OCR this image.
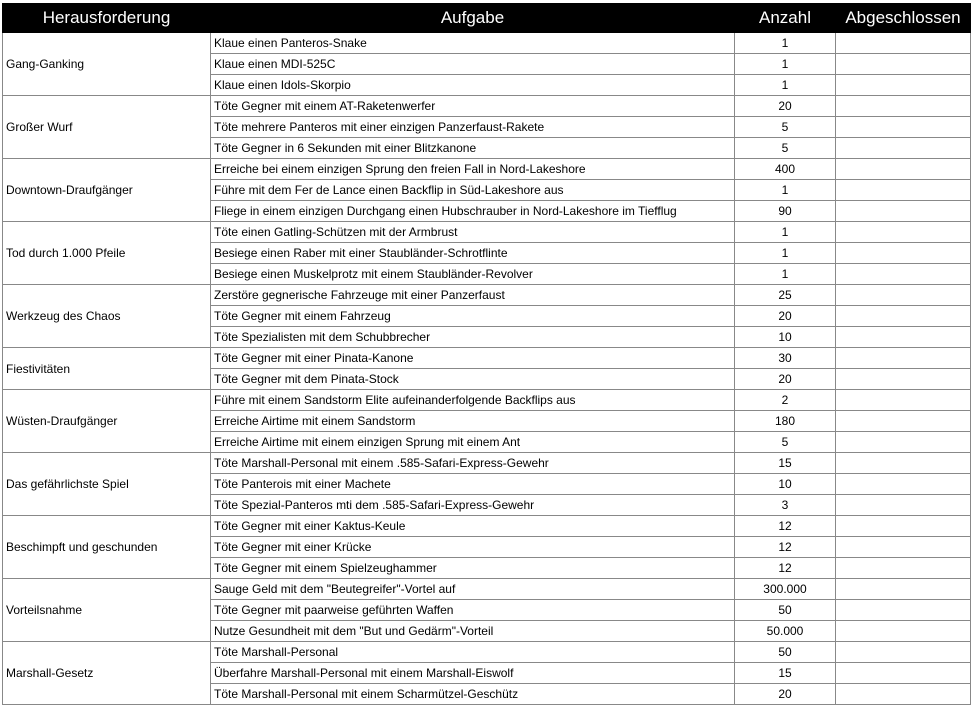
Herausforderung	Aufgabe	Anzahl	Abgeschlossen
Gang-Ganking	Klaue einen Panteros-Snake	1	
	Klaue einen MDI-525C	1	
	Klaue einen Idols-Skorpio	1	
Großer Wurf	Töte Gegner mit einem AT-Raketenwerfer	20	
	Töte mehrere Panteros mit einer einzigen Panzerfaust-Rakete	5	
	Töte Gegner in 6 Sekunden mit einer Blitzkanone	5	
Downtown-Draufgänger	Erreiche bei einem einzigen Sprung den freien Fall in Nord-Lakeshore	400	
	Führe mit dem Fer de Lance einen Backflip in Süd-Lakeshore aus	1	
	Fliege in einem einzigen Durchgang einen Hubschrauber in Nord-Lakeshore im Tiefflug	90	
Tod durch 1.000 Pfeile	Töte einen Gatling-Schützen mit der Armbrust	1	
	Besiege einen Raber mit einer Staubländer-Schrotflinte	1	
	Besiege einen Muskelprotz mit einem Staubländer-Revolver	1	
Werkzeug des Chaos	Zerstöre gegnerische Fahrzeuge mit einer Panzerfaust	25	
	Töte Gegner mit einem Fahrzeug	20	
	Töte Spezialisten mit dem Schubbrecher	10	
Fiestivitäten	Töte Gegner mit einer Pinata-Kanone	30	
	Töte Gegner mit dem Pinata-Stock	20	
Wüsten-Draufgänger	Führe mit einem Sandstorm Elite aufeinanderfolgende Backflips aus	2	
	Erreiche Airtime mit einem Sandstorm	180	
	Erreiche Airtime mit einem einzigen Sprung mit einem Ant	5	
Das gefährlichste Spiel	Töte Marshall-Personal mit einem .585-Safari-Express-Gewehr	15	
	Töte Panterois mit einer Machete	10	
	Töte Spezial-Panteros mti dem .585-Safari-Express-Gewehr	3	
Beschimpft und geschunden	Töte Gegner mit einer Kaktus-Keule	12	
	Töte Gegner mit einer Krücke	12	
	Töte Gegner mit einem Spielzeughammer	12	
Vorteilsnahme	Sauge Geld mit dem "Beutegreifer"-Vortel auf	300.000	
	Töte Gegner mit paarweise geführten Waffen	50	
	Nutze Gesundheit mit dem "But und Gedärm"-Vorteil	50.000	
Marshall-Gesetz	Töte Marshall-Personal	50	
	Überfahre Marshall-Personal mit einem Marshall-Eiswolf	15	
	Töte Marshall-Personal mit einem Scharmützel-Geschütz	20	
